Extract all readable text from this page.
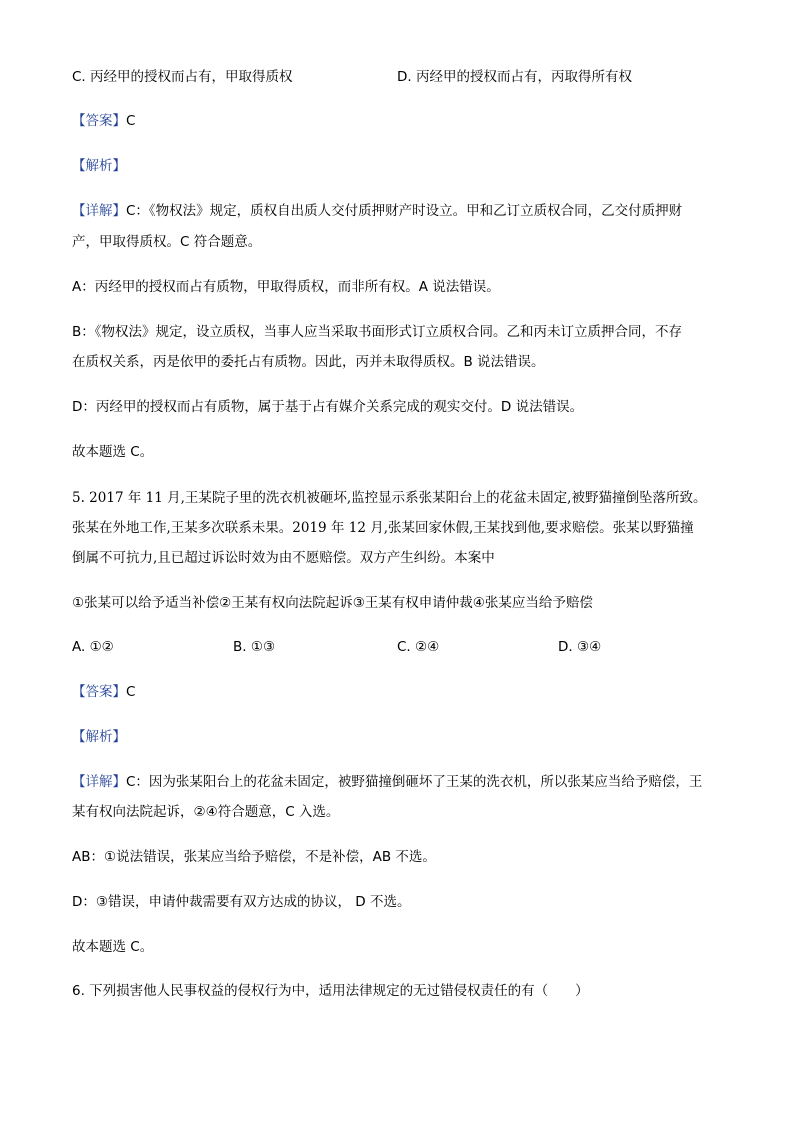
C. 丙经甲的授权而占有，甲取得质权	D. 丙经甲的授权而占有，丙取得所有权
【答案】C
【解析】
【详解】C：《物权法》规定，质权自出质人交付质押财产时设立。甲和乙订立质权合同，乙交付质押财
产，甲取得质权。C 符合题意。
A：丙经甲的授权而占有质物，甲取得质权，而非所有权。A 说法错误。
B：《物权法》规定，设立质权，当事人应当采取书面形式订立质权合同。乙和丙未订立质押合同，不存
在质权关系，丙是依甲的委托占有质物。因此，丙并未取得质权。B 说法错误。
D：丙经甲的授权而占有质物，属于基于占有媒介关系完成的观实交付。D 说法错误。
故本题选 C。
5. 2017 年 11 月,王某院子里的洗衣机被砸坏,监控显示系张某阳台上的花盆未固定,被野猫撞倒坠落所致。
张某在外地工作,王某多次联系未果。2019 年 12 月,张某回家休假,王某找到他,要求赔偿。张某以野猫撞
倒属不可抗力,且已超过诉讼时效为由不愿赔偿。双方产生纠纷。本案中
①张某可以给予适当补偿②王某有权向法院起诉③王某有权申请仲裁④张某应当给予赔偿
A. ①②	B. ①③	C. ②④	D. ③④
【答案】C
【解析】
【详解】C：因为张某阳台上的花盆未固定，被野猫撞倒砸坏了王某的洗衣机，所以张某应当给予赔偿，王
某有权向法院起诉，②④符合题意，C 入选。
AB：①说法错误，张某应当给予赔偿，不是补偿，AB 不选。
D：③错误，申请仲裁需要有双方达成的协议， D 不选。
故本题选 C。
6. 下列损害他人民事权益的侵权行为中，适用法律规定的无过错侵权责任的有（　　）
